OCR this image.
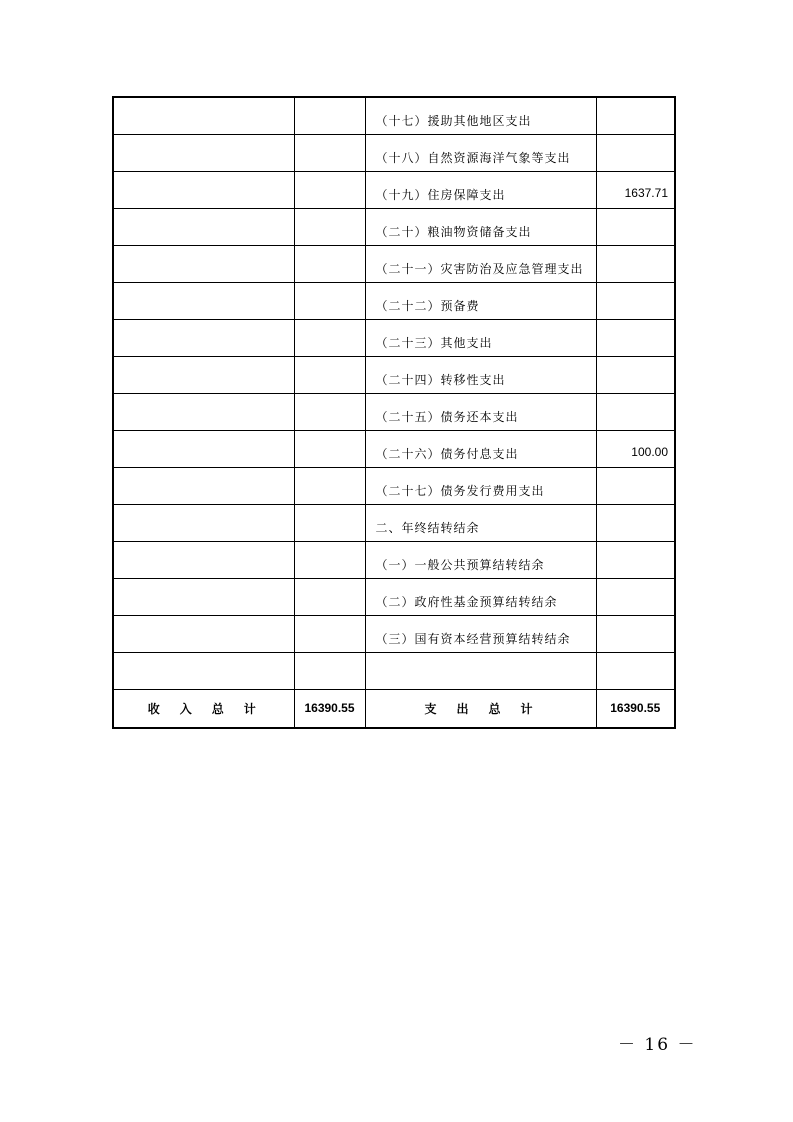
		（十七）援助其他地区支出	
		（十八）自然资源海洋气象等支出	
		（十九）住房保障支出	1637.71
		（二十）粮油物资储备支出	
		（二十一）灾害防治及应急管理支出	
		（二十二）预备费	
		（二十三）其他支出	
		（二十四）转移性支出	
		（二十五）债务还本支出	
		（二十六）债务付息支出	100.00
		（二十七）债务发行费用支出	
		二、年终结转结余	
		（一）一般公共预算结转结余	
		（二）政府性基金预算结转结余	
		（三）国有资本经营预算结转结余	

收入总计	16390.55	支出总计	16390.55
－ 16 －
